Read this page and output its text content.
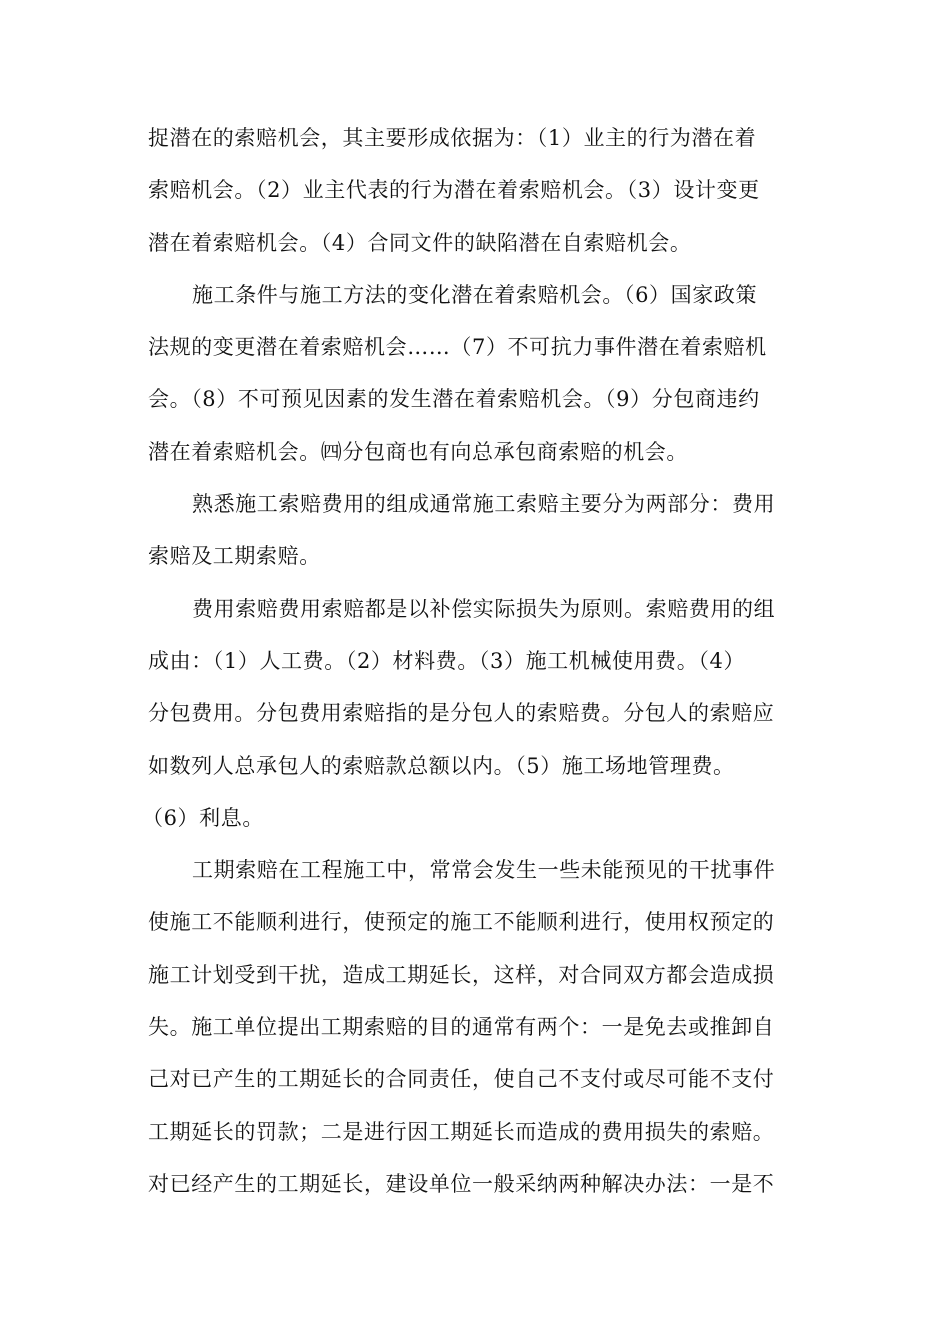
捉潜在的索赔机会，其主要形成依据为：（1）业主的行为潜在着
索赔机会。（2）业主代表的行为潜在着索赔机会。（3）设计变更
潜在着索赔机会。（4）合同文件的缺陷潜在自索赔机会。
施工条件与施工方法的变化潜在着索赔机会。（6）国家政策
法规的变更潜在着索赔机会……（7）不可抗力事件潜在着索赔机
会。（8）不可预见因素的发生潜在着索赔机会。（9）分包商违约
潜在着索赔机会。㈣分包商也有向总承包商索赔的机会。
熟悉施工索赔费用的组成通常施工索赔主要分为两部分：费用
索赔及工期索赔。
费用索赔费用索赔都是以补偿实际损失为原则。索赔费用的组
成由：（1）人工费。（2）材料费。（3）施工机械使用费。（4）
分包费用。分包费用索赔指的是分包人的索赔费。分包人的索赔应
如数列人总承包人的索赔款总额以内。（5）施工场地管理费。
（6）利息。
工期索赔在工程施工中，常常会发生一些未能预见的干扰事件
使施工不能顺利进行，使预定的施工不能顺利进行，使用权预定的
施工计划受到干扰，造成工期延长，这样，对合同双方都会造成损
失。施工单位提出工期索赔的目的通常有两个：一是免去或推卸自
己对已产生的工期延长的合同责任，使自己不支付或尽可能不支付
工期延长的罚款；二是进行因工期延长而造成的费用损失的索赔。
对已经产生的工期延长，建设单位一般采纳两种解决办法：一是不
